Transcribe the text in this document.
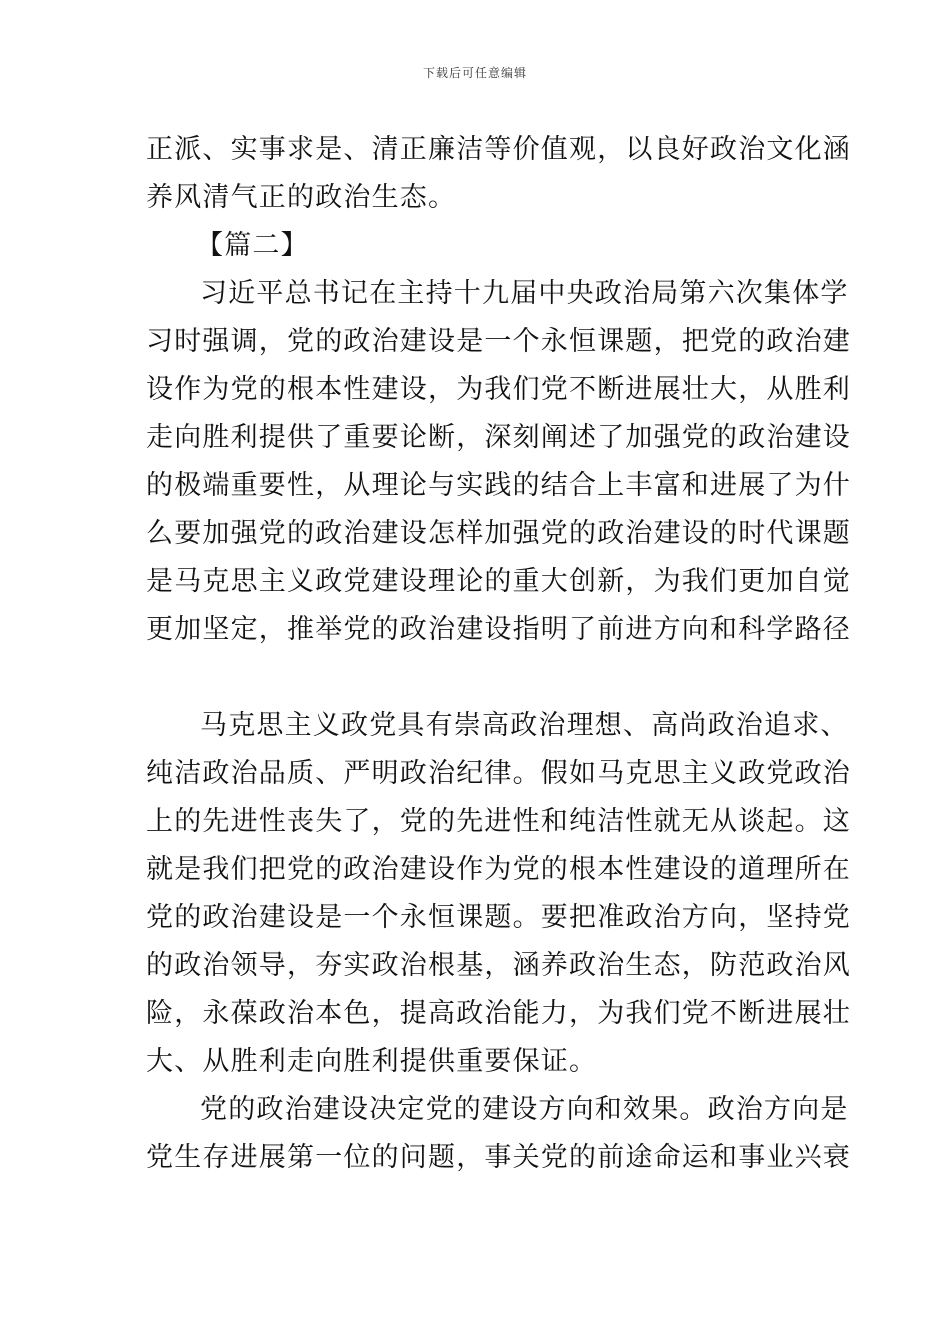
下载后可任意编辑
正派、实事求是、清正廉洁等价值观，以良好政治文化涵
养风清气正的政治生态。
【篇二】
习近平总书记在主持十九届中央政治局第六次集体学
习时强调，党的政治建设是一个永恒课题，把党的政治建
设作为党的根本性建设，为我们党不断进展壮大，从胜利
走向胜利提供了重要论断，深刻阐述了加强党的政治建设
的极端重要性，从理论与实践的结合上丰富和进展了为什
么要加强党的政治建设怎样加强党的政治建设的时代课题
是马克思主义政党建设理论的重大创新，为我们更加自觉
更加坚定，推举党的政治建设指明了前进方向和科学路径
马克思主义政党具有崇高政治理想、高尚政治追求、
纯洁政治品质、严明政治纪律。假如马克思主义政党政治
上的先进性丧失了，党的先进性和纯洁性就无从谈起。这
就是我们把党的政治建设作为党的根本性建设的道理所在
党的政治建设是一个永恒课题。要把准政治方向，坚持党
的政治领导，夯实政治根基，涵养政治生态，防范政治风
险，永葆政治本色，提高政治能力，为我们党不断进展壮
大、从胜利走向胜利提供重要保证。
党的政治建设决定党的建设方向和效果。政治方向是
党生存进展第一位的问题，事关党的前途命运和事业兴衰
